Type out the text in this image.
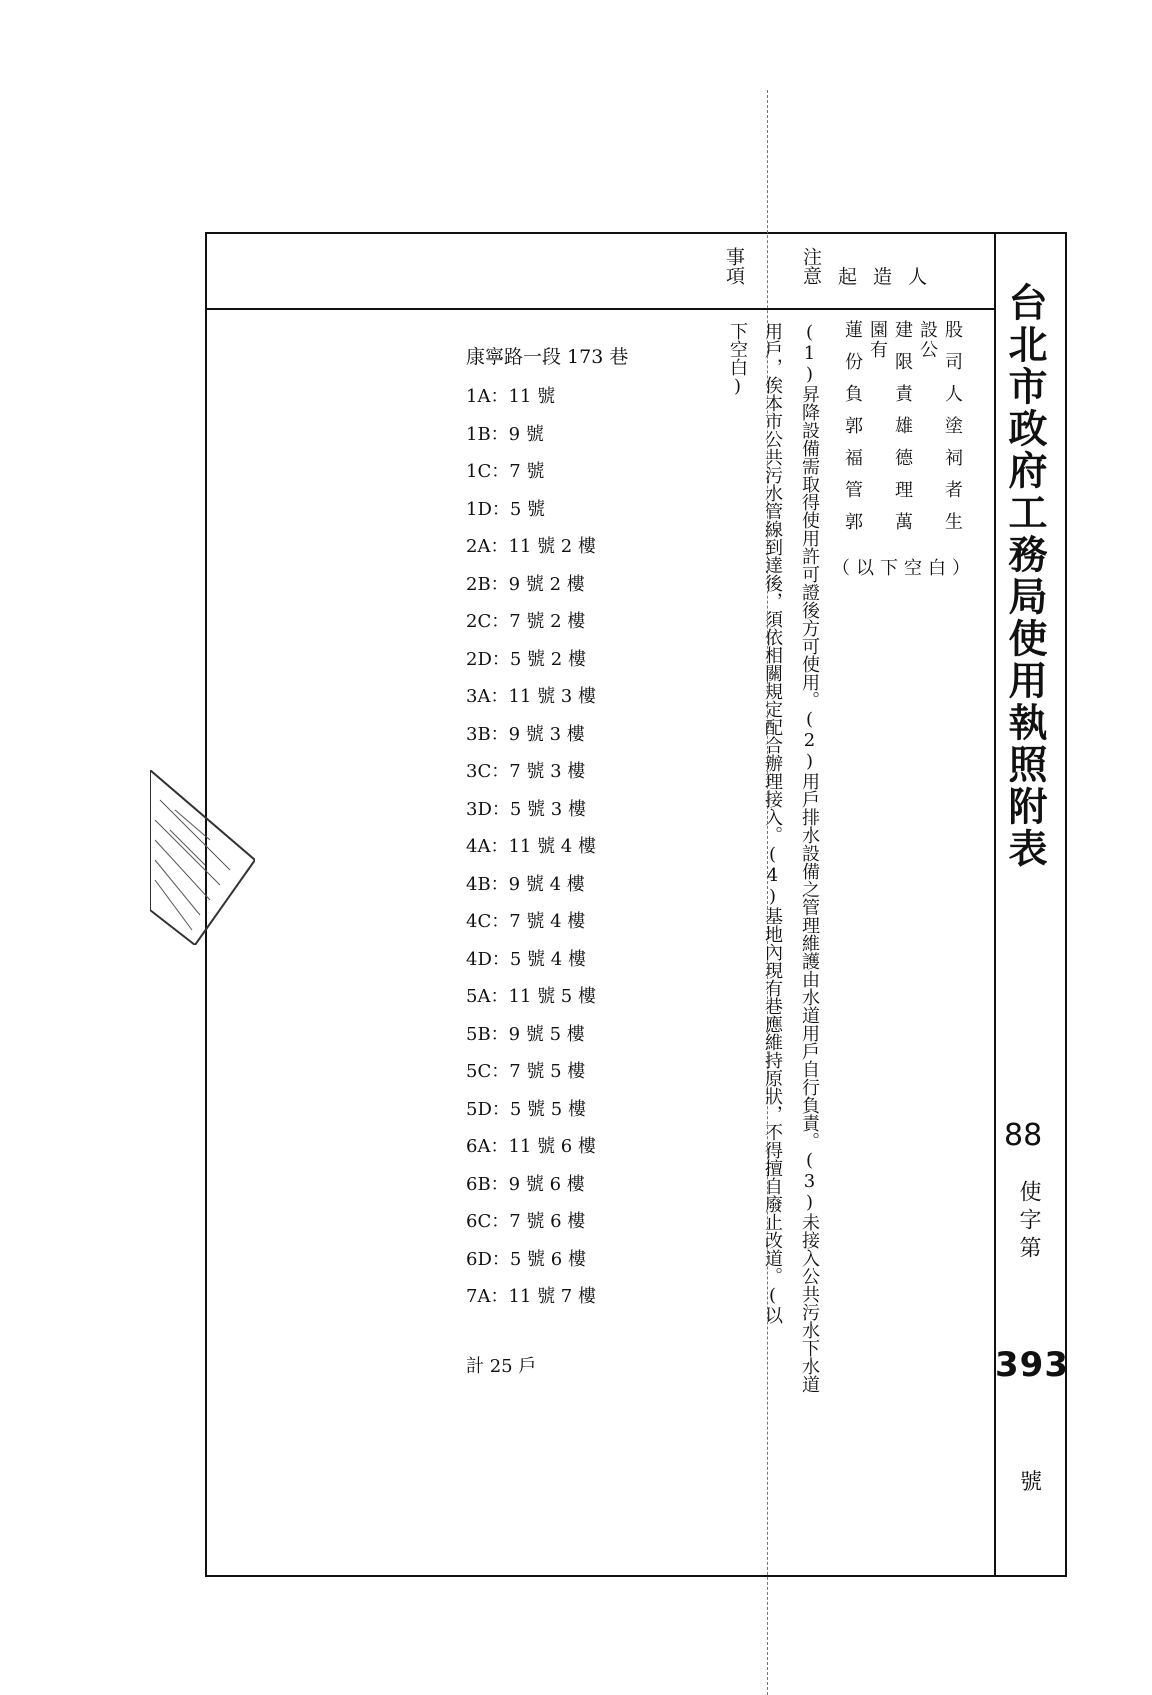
台北市政府工務局使用執照附表
88
使字第
393
號
起造人
注意
事項
股司人塗祠者生
設公
建限責雄德理萬
園有
蓮份負郭福管郭
（以下空白）
(1)昇降設備需取得使用許可證後方可使用。(2)用戶排水設備之管理維護由水道用戶自行負責。(3)未接入公共污水下水道
用戶，俟本市公共污水管線到達後，須依相關規定配合辦理接入。(4)基地內現有巷應維持原狀，不得擅自廢止改道。(以
下空白)
康寧路一段 173 巷
1A：11 號
1B：9 號
1C：7 號
1D：5 號
2A：11 號 2 樓
2B：9 號 2 樓
2C：7 號 2 樓
2D：5 號 2 樓
3A：11 號 3 樓
3B：9 號 3 樓
3C：7 號 3 樓
3D：5 號 3 樓
4A：11 號 4 樓
4B：9 號 4 樓
4C：7 號 4 樓
4D：5 號 4 樓
5A：11 號 5 樓
5B：9 號 5 樓
5C：7 號 5 樓
5D：5 號 5 樓
6A：11 號 6 樓
6B：9 號 6 樓
6C：7 號 6 樓
6D：5 號 6 樓
7A：11 號 7 樓
計 25 戶
